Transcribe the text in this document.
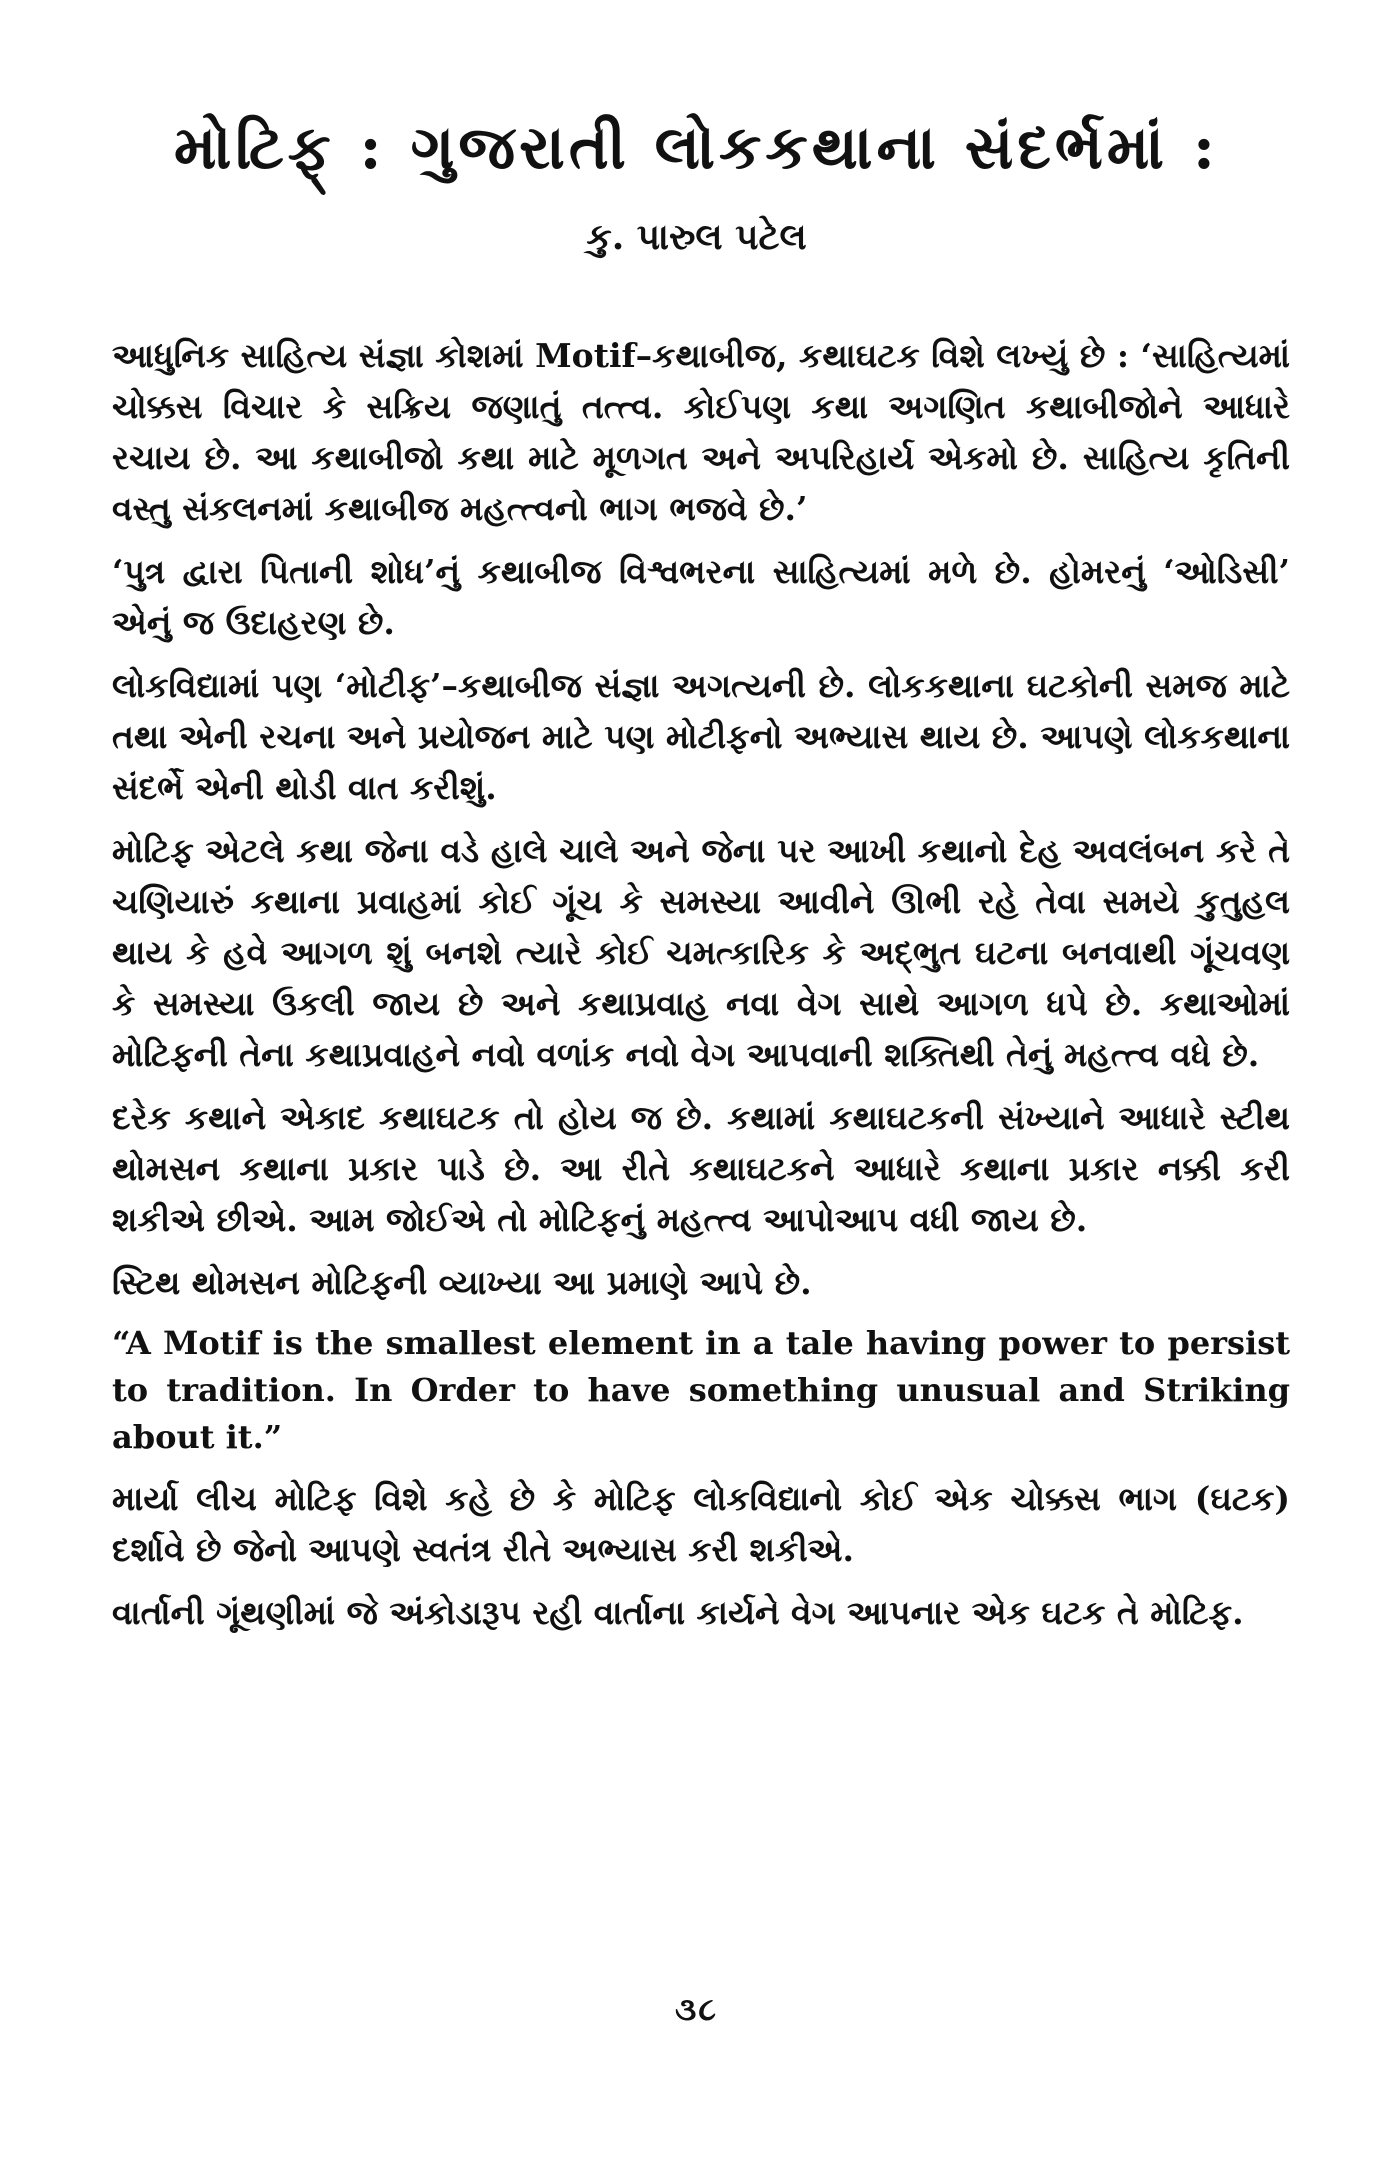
મોટિફ્ : ગુજરાતી લોકકથાના સંદર્ભમાં :
કુ. પારુલ પટેલ

આધુનિક સાહિત્ય સંજ્ઞા કોશમાં Motif–કથાબીજ, કથાઘટક વિશે લખ્યું છે : ‘સાહિત્યમાં ચોક્કસ વિચાર કે સક્રિય જણાતું તત્ત્વ. કોઈપણ કથા અગણિત કથાબીજોને આધારે રચાય છે. આ કથાબીજો કથા માટે મૂળગત અને અપરિહાર્ય એકમો છે. સાહિત્ય કૃતિની વસ્તુ સંકલનમાં કથાબીજ મહત્ત્વનો ભાગ ભજવે છે.’

‘પુત્ર દ્વારા પિતાની શોધ’નું કથાબીજ વિશ્વભરના સાહિત્યમાં મળે છે. હોમરનું ‘ઓડિસી’ એનું જ ઉદાહરણ છે.

લોકવિદ્યામાં પણ ‘મોટીફ’–કથાબીજ સંજ્ઞા અગત્યની છે. લોકકથાના ઘટકોની સમજ માટે તથા એની રચના અને પ્રયોજન માટે પણ મોટીફનો અભ્યાસ થાય છે. આપણે લોકકથાના સંદર્ભે એની થોડી વાત કરીશું.

મોટિફ એટલે કથા જેના વડે હાલે ચાલે અને જેના પર આખી કથાનો દેહ અવલંબન કરે તે ચણિયારું કથાના પ્રવાહમાં કોઈ ગૂંચ કે સમસ્યા આવીને ઊભી રહે તેવા સમયે કુતુહલ થાય કે હવે આગળ શું બનશે ત્યારે કોઈ ચમત્કારિક કે અદ્ભુત ઘટના બનવાથી ગૂંચવણ કે સમસ્યા ઉકલી જાય છે અને કથાપ્રવાહ નવા વેગ સાથે આગળ ધપે છે. કથાઓમાં મોટિફની તેના કથાપ્રવાહને નવો વળાંક નવો વેગ આપવાની શક્તિથી તેનું મહત્ત્વ વધે છે.

દરેક કથાને એકાદ કથાઘટક તો હોય જ છે. કથામાં કથાઘટકની સંખ્યાને આધારે સ્ટીથ થોમસન કથાના પ્રકાર પાડે છે. આ રીતે કથાઘટકને આધારે કથાના પ્રકાર નક્કી કરી શકીએ છીએ. આમ જોઈએ તો મોટિફનું મહત્ત્વ આપોઆપ વધી જાય છે.

સ્ટિથ થોમસન મોટિફની વ્યાખ્યા આ પ્રમાણે આપે છે.

“A Motif is the smallest element in a tale having power to persist to tradition. In Order to have something unusual and Striking about it.”

માર્યા લીચ મોટિફ વિશે કહે છે કે મોટિફ લોકવિદ્યાનો કોઈ એક ચોક્કસ ભાગ (ઘટક) દર્શાવે છે જેનો આપણે સ્વતંત્ર રીતે અભ્યાસ કરી શકીએ.

વાર્તાની ગૂંથણીમાં જે અંકોડારૂપ રહી વાર્તાના કાર્યને વેગ આપનાર એક ઘટક તે મોટિફ.

૩૮
